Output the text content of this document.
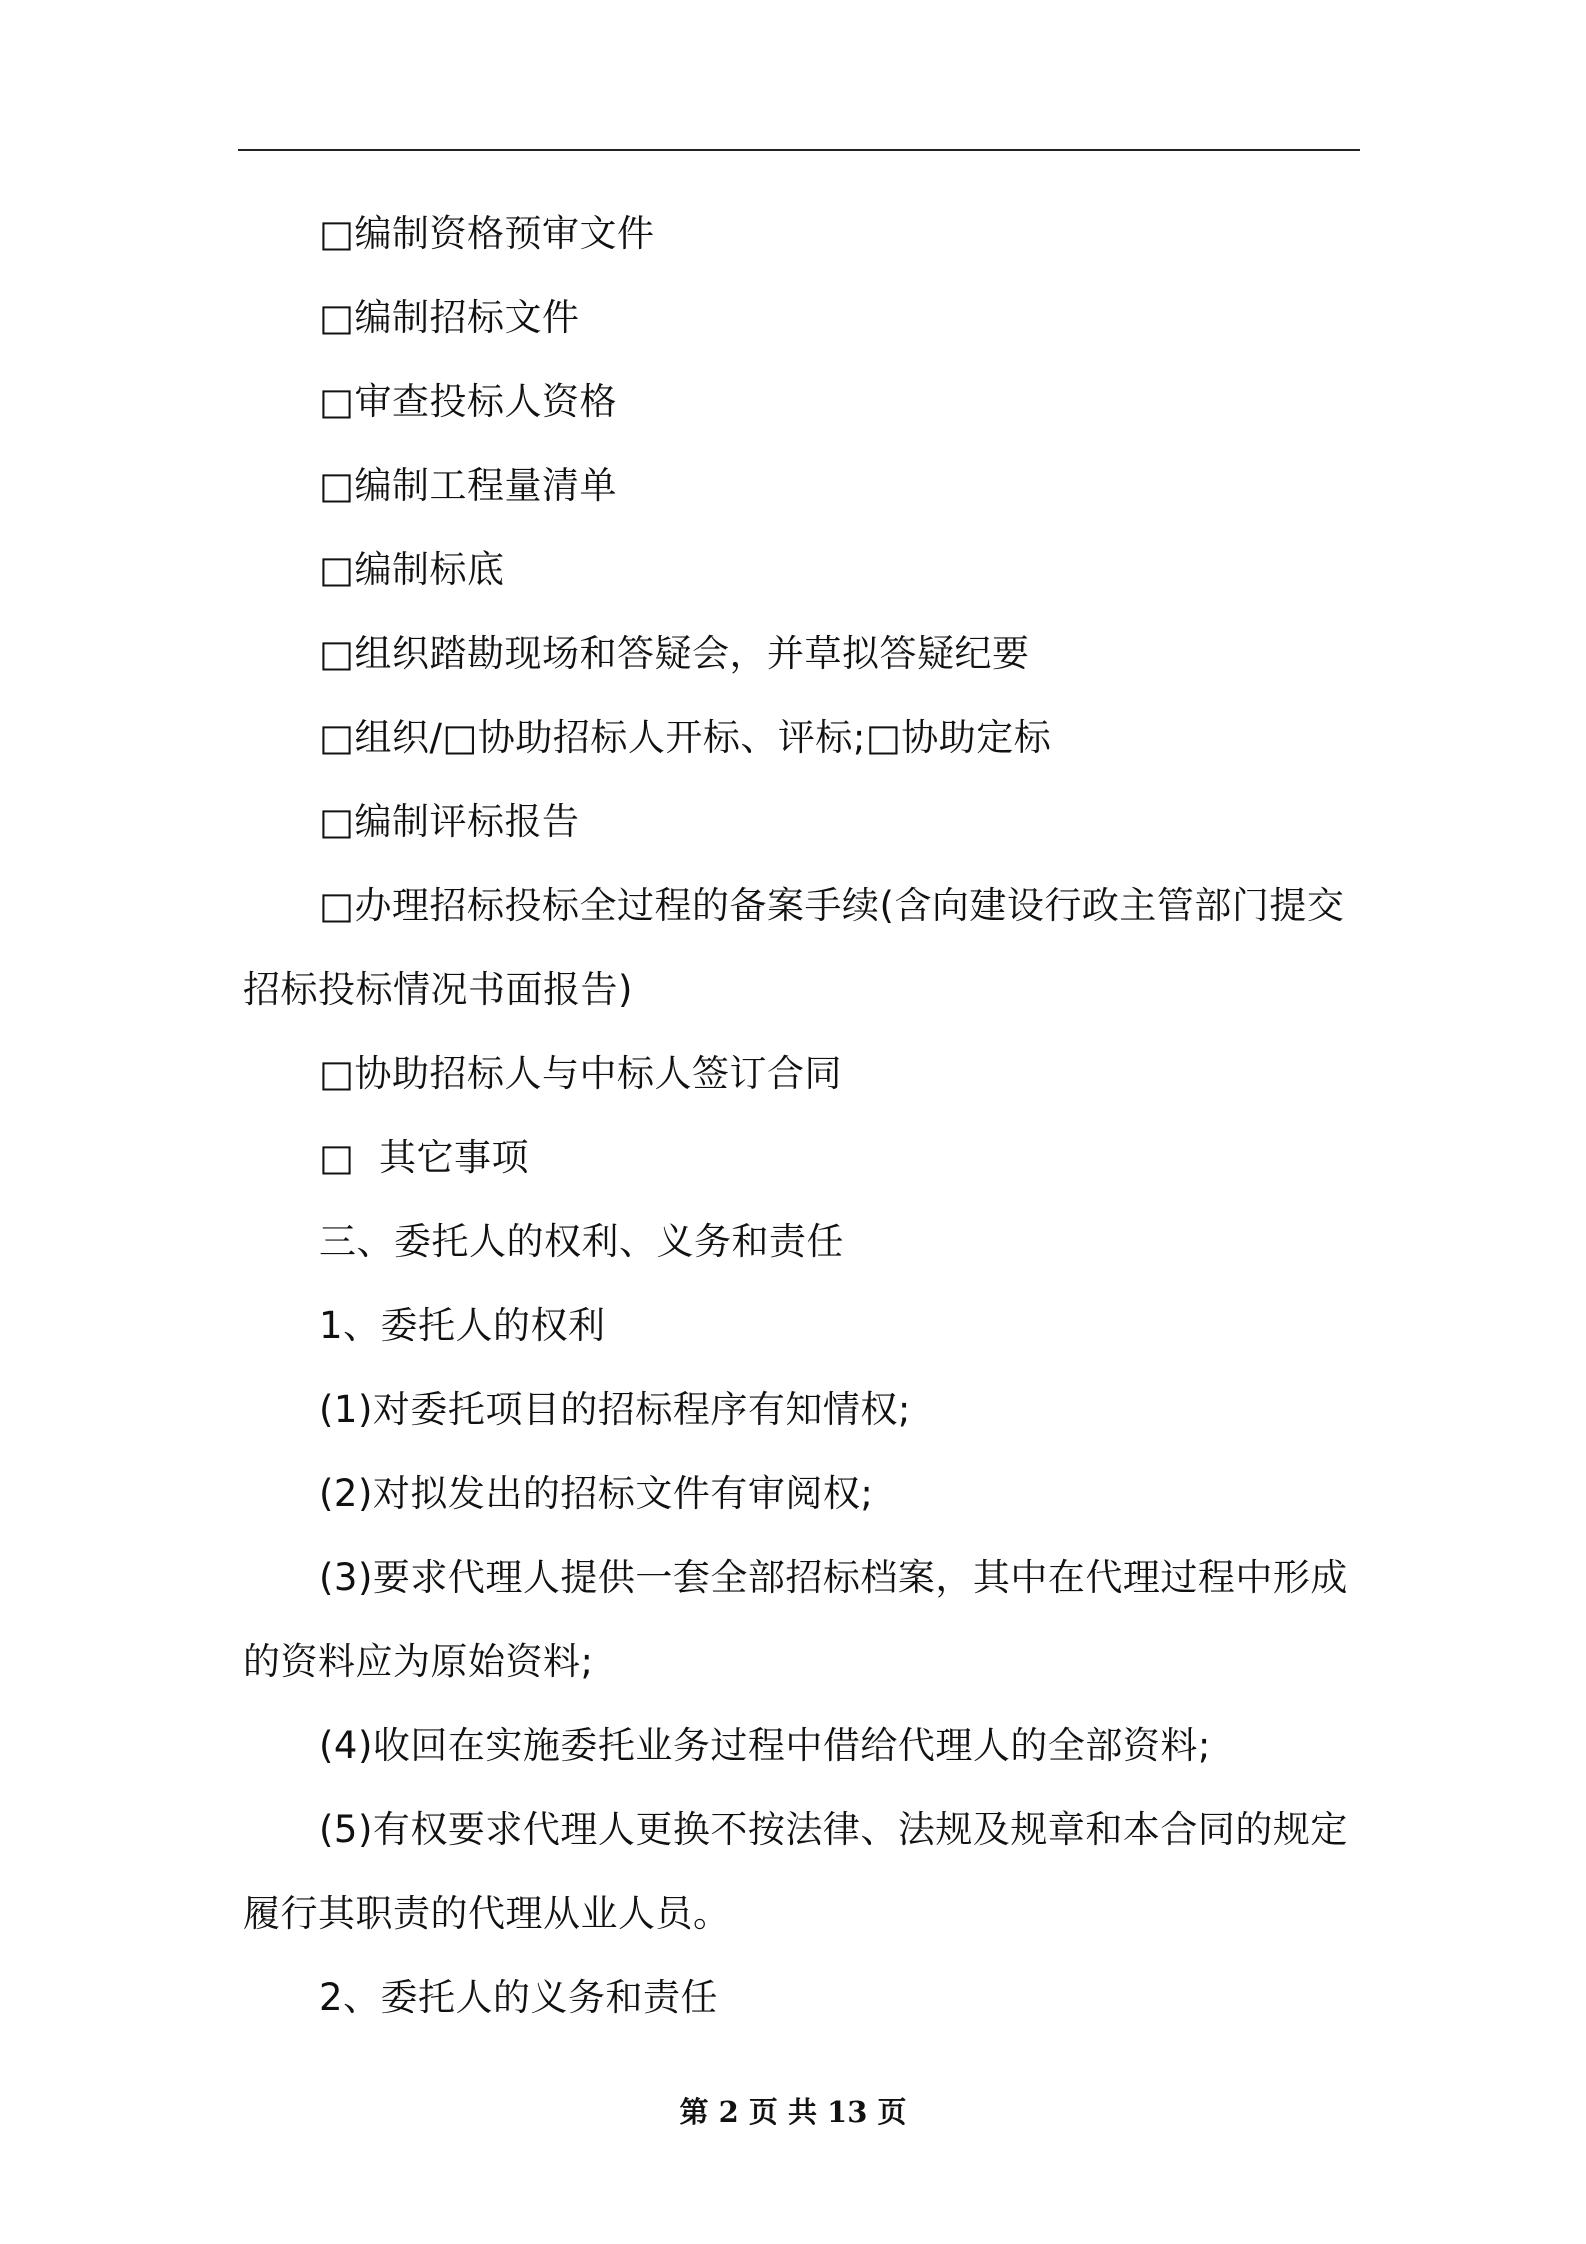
□编制资格预审文件

□编制招标文件

□审查投标人资格

□编制工程量清单

□编制标底

□组织踏勘现场和答疑会，并草拟答疑纪要

□组织/□协助招标人开标、评标;□协助定标

□编制评标报告

□办理招标投标全过程的备案手续(含向建设行政主管部门提交招标投标情况书面报告)

□协助招标人与中标人签订合同

□  其它事项

三、委托人的权利、义务和责任

1、委托人的权利

(1)对委托项目的招标程序有知情权;

(2)对拟发出的招标文件有审阅权;

(3)要求代理人提供一套全部招标档案，其中在代理过程中形成的资料应为原始资料;

(4)收回在实施委托业务过程中借给代理人的全部资料;

(5)有权要求代理人更换不按法律、法规及规章和本合同的规定履行其职责的代理从业人员。

2、委托人的义务和责任

第 2 页 共 13 页
